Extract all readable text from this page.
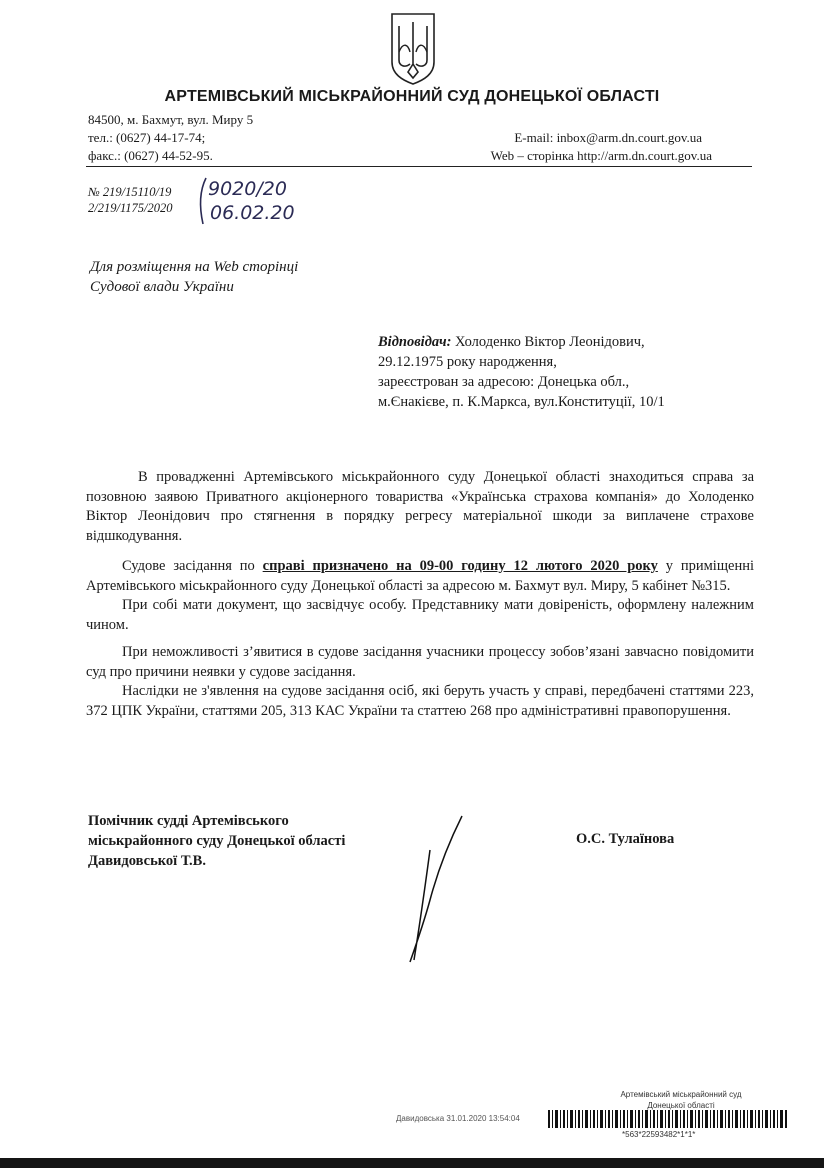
АРТЕМІВСЬКИЙ МІСЬКРАЙОННИЙ СУД ДОНЕЦЬКОЇ ОБЛАСТІ
84500, м. Бахмут, вул. Миру 5
тел.: (0627) 44-17-74;
факс.: (0627) 44-52-95.
E-mail: inbox@arm.dn.court.gov.ua
Web – сторінка http://arm.dn.court.gov.ua
№ 219/15110/19
2/219/1175/2020
9020/20
06.02.20
Для розміщення на Web сторінці
Судової влади України
Відповідач: Холоденко Віктор Леонідович,
29.12.1975 року народження,
зареєстрован за адресою: Донецька обл.,
м.Єнакієве, п. К.Маркса, вул.Конституції, 10/1

В провадженні Артемівського міськрайонного суду Донецької області знаходиться справа за позовною заявою Приватного акціонерного товариства «Українська страхова компанія» до Холоденко Віктор Леонідович про стягнення в порядку регресу матеріальної шкоди за виплачене страхове відшкодування.

Судове засідання по справі призначено на 09-00 годину 12 лютого 2020 року у приміщенні Артемівського міськрайонного суду Донецької області за адресою м. Бахмут вул. Миру, 5 кабінет №315.

При собі мати документ, що засвідчує особу. Представнику мати довіреність, оформлену належним чином.

При неможливості з’явитися в судове засідання учасники процессу зобов’язані завчасно повідомити суд про причини неявки у судове засідання.

Наслідки не з'явлення на судове засідання осіб, які беруть участь у справі, передбачені статтями 223, 372 ЦПК України, статтями 205, 313 КАС України та статтею 268 про адміністративні правопорушення.

Помічник судді Артемівського
міськрайонного суду Донецької області
Давидовської Т.В.
О.С. Тулаїнова
Артемівський міськрайонний суд
Донецької області
Давидовська 31.01.2020 13:54:04
*563*22593482*1*1*
